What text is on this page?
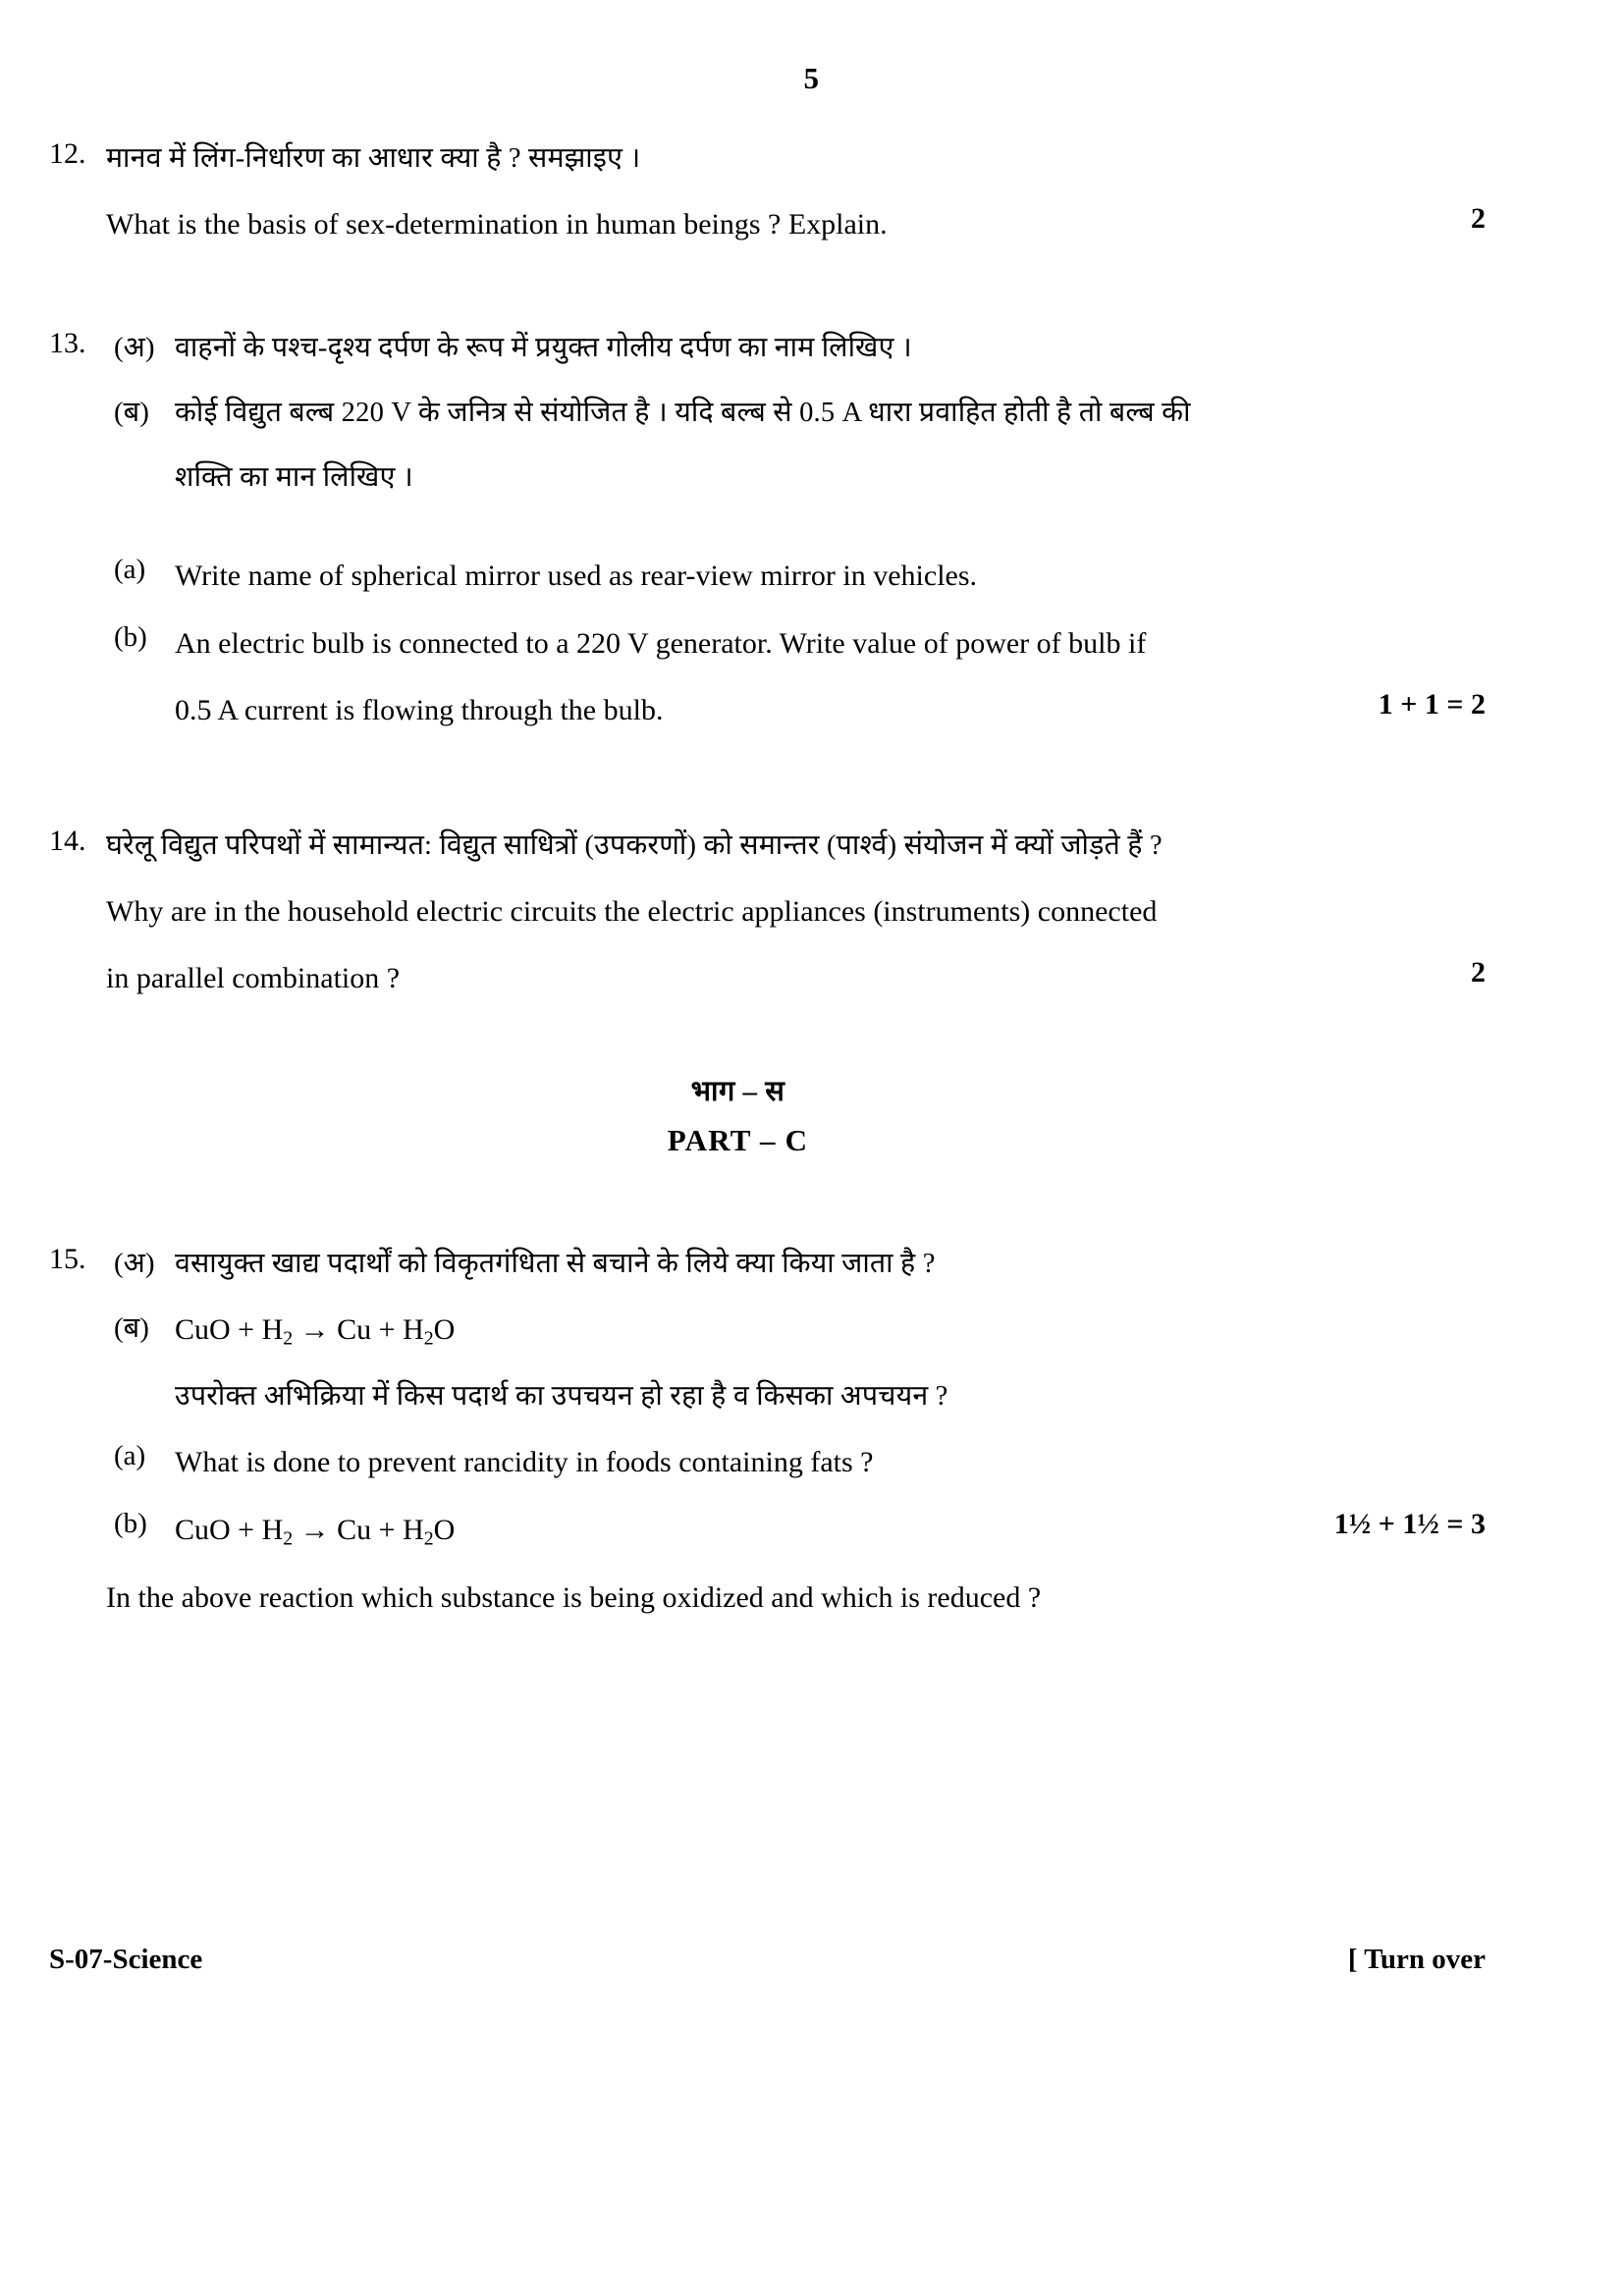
5
12. मानव में लिंग-निर्धारण का आधार क्या है ? समझाइए ।
What is the basis of sex-determination in human beings ? Explain.	2
13. (अ) वाहनों के पश्च-दृश्य दर्पण के रूप में प्रयुक्त गोलीय दर्पण का नाम लिखिए ।
(ब) कोई विद्युत बल्ब 220 V के जनित्र से संयोजित है । यदि बल्ब से 0.5 A धारा प्रवाहित होती है तो बल्ब की
शक्ति का मान लिखिए ।
(a) Write name of spherical mirror used as rear-view mirror in vehicles.
(b) An electric bulb is connected to a 220 V generator. Write value of power of bulb if
0.5 A current is flowing through the bulb.	1 + 1 = 2
14. घरेलू विद्युत परिपथों में सामान्यत: विद्युत साधित्रों (उपकरणों) को समान्तर (पार्श्व) संयोजन में क्यों जोड़ते हैं ?
Why are in the household electric circuits the electric appliances (instruments) connected
in parallel combination ?	2
भाग – स
PART – C
15. (अ) वसायुक्त खाद्य पदार्थों को विकृतगंधिता से बचाने के लिये क्या किया जाता है ?
(ब) CuO + $H_2 \to Cu + H_2O$
उपरोक्त अभिक्रिया में किस पदार्थ का उपचयन हो रहा है व किसका अपचयन ?
(a) What is done to prevent rancidity in foods containing fats ?
(b) CuO + $H_2 \to Cu + H_2O$	1½ + 1½ = 3
In the above reaction which substance is being oxidized and which is reduced ?
S-07-Science	[ Turn over
